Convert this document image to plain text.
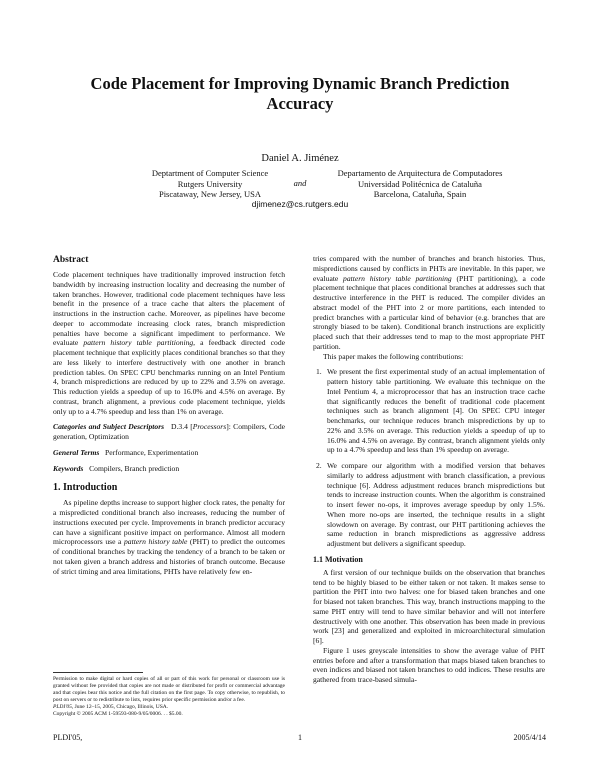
Code Placement for Improving Dynamic Branch Prediction Accuracy
Daniel A. Jiménez
Deptartment of Computer Science
Rutgers University
Piscataway, New Jersey, USA
and
Departamento de Arquitectura de Computadores
Universidad Politécnica de Cataluña
Barcelona, Cataluña, Spain
djimenez@cs.rutgers.edu
Abstract

Code placement techniques have traditionally improved instruction fetch bandwidth by increasing instruction locality and decreasing the number of taken branches. However, traditional code placement techniques have less benefit in the presence of a trace cache that alters the placement of instructions in the instruction cache. Moreover, as pipelines have become deeper to accommodate increasing clock rates, branch misprediction penalties have become a significant impediment to performance. We evaluate pattern history table partitioning, a feedback directed code placement technique that explicitly places conditional branches so that they are less likely to interfere destructively with one another in branch prediction tables. On SPEC CPU benchmarks running on an Intel Pentium 4, branch mispredictions are reduced by up to 22% and 3.5% on average. This reduction yields a speedup of up to 16.0% and 4.5% on average. By contrast, branch alignment, a previous code placement technique, yields only up to a 4.7% speedup and less than 1% on average.

Categories and Subject Descriptors D.3.4 [Processors]: Compilers, Code generation, Optimization

General Terms Performance, Experimentation

Keywords Compilers, Branch prediction

1. Introduction

As pipeline depths increase to support higher clock rates, the penalty for a mispredicted conditional branch also increases, reducing the number of instructions executed per cycle. Improvements in branch predictor accuracy can have a significant positive impact on performance. Almost all modern microprocessors use a pattern history table (PHT) to predict the outcomes of conditional branches by tracking the tendency of a branch to be taken or not taken given a branch address and histories of branch outcome. Because of strict timing and area limitations, PHTs have relatively few en-

tries compared with the number of branches and branch histories. Thus, mispredictions caused by conflicts in PHTs are inevitable. In this paper, we evaluate pattern history table partitioning (PHT partitioning), a code placement technique that places conditional branches at addresses such that destructive interference in the PHT is reduced. The compiler divides an abstract model of the PHT into 2 or more partitions, each intended to predict branches with a particular kind of behavior (e.g. branches that are strongly biased to be taken). Conditional branch instructions are explicitly placed such that their addresses tend to map to the most appropriate PHT partition.

This paper makes the following contributions:

1. We present the first experimental study of an actual implementation of pattern history table partitioning. We evaluate this technique on the Intel Pentium 4, a microprocessor that has an instruction trace cache that significantly reduces the benefit of traditional code placement techniques such as branch alignment [4]. On SPEC CPU integer benchmarks, our technique reduces branch mispredictions by up to 22% and 3.5% on average. This reduction yields a speedup of up to 16.0% and 4.5% on average. By contrast, branch alignment yields only up to a 4.7% speedup and less than 1% speedup on average.
2. We compare our algorithm with a modified version that behaves similarly to address adjustment with branch classification, a previous technique [6]. Address adjustment reduces branch mispredictions but tends to increase instruction counts. When the algorithm is constrained to insert fewer no-ops, it improves average speedup by only 1.5%. When more no-ops are inserted, the technique results in a slight slowdown on average. By contrast, our PHT partitioning achieves the same reduction in branch mispredictions as aggressive address adjustment but delivers a significant speedup.
1.1 Motivation

A first version of our technique builds on the observation that branches tend to be highly biased to be either taken or not taken. It makes sense to partition the PHT into two halves: one for biased taken branches and one for biased not taken branches. This way, branch instructions mapping to the same PHT entry will tend to have similar behavior and will not interfere destructively with one another. This observation has been made in previous work [23] and generalized and exploited in microarchitectural simulation [6].

Figure 1 uses greyscale intensities to show the average value of PHT entries before and after a transformation that maps biased taken branches to even indices and biased not taken branches to odd indices. These results are gathered from trace-based simula-

Permission to make digital or hard copies of all or part of this work for personal or classroom use is granted without fee provided that copies are not made or distributed for profit or commercial advantage and that copies bear this notice and the full citation on the first page. To copy otherwise, to republish, to post on servers or to redistribute to lists, requires prior specific permission and/or a fee.
PLDI'05, June 12–15, 2005, Chicago, Illinois, USA.
Copyright © 2005 ACM 1-59593-080-9/05/0006. . . $5.00.
PLDI'05,	1	2005/4/14
